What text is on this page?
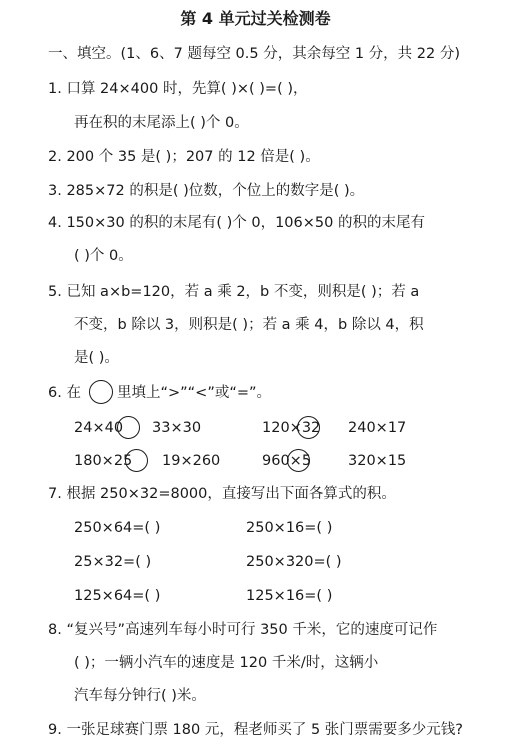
第 4 单元过关检测卷
一、填空。(1、6、7 题每空 0.5 分，其余每空 1 分，共 22 分)
1. 口算 24×400 时，先算( )×( )=( )，
再在积的末尾添上( )个 0。
2. 200 个 35 是( )；207 的 12 倍是( )。
3. 285×72 的积是( )位数，个位上的数字是( )。
4. 150×30 的积的末尾有( )个 0，106×50 的积的末尾有
( )个 0。
5. 已知 a×b=120，若 a 乘 2，b 不变，则积是( )；若 a
不变，b 除以 3，则积是( )；若 a 乘 4，b 除以 4，积
是( )。
6. 在 里填上“>”“<”或“=”。
24×40 33×30	120×32 240×17
180×25 19×260	960×5	320×15
7. 根据 250×32=8000，直接写出下面各算式的积。
250×64=( )	250×16=( )
25×32=( )	250×320=( )
125×64=( )	125×16=( )
8. “复兴号”高速列车每小时可行 350 千米，它的速度可记作
( )；一辆小汽车的速度是 120 千米/时，这辆小
汽车每分钟行( )米。
9. 一张足球赛门票 180 元，程老师买了 5 张门票需要多少元钱?
